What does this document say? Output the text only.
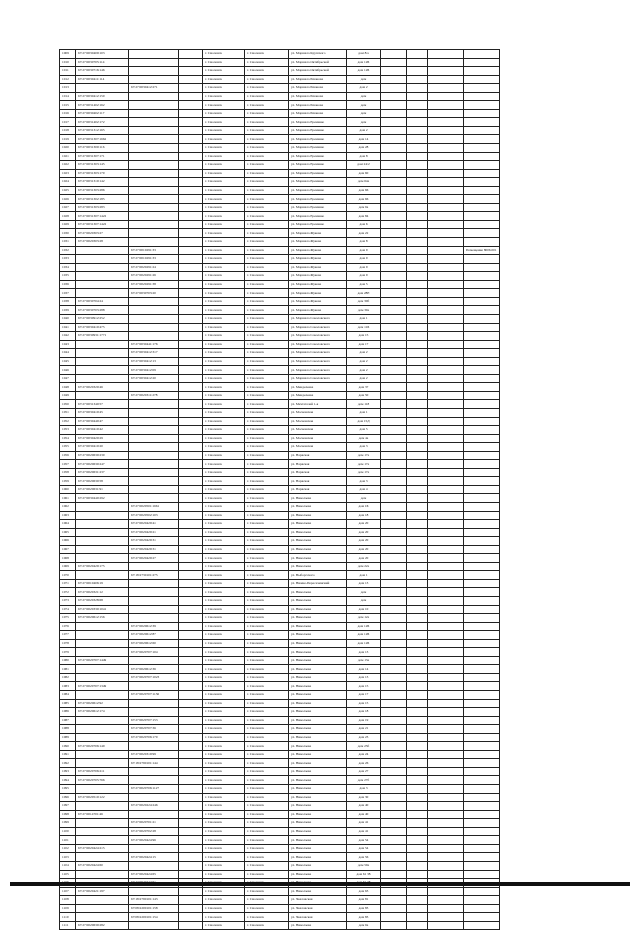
1009	67:27:0030409:103			г. Смоленск	г. Смоленск	ул. Маршала Крупского	дом 8/а				
1010	67:27:0030705:114			г. Смоленск	г. Смоленск	ул. Маршала Октябрьской	дом 12Б				
1011	67:27:0030716:146			г. Смоленск	г. Смоленск	ул. Маршала Октябрьской	дом 12Б				
1012	67:27:0030411:114			г. Смоленск	г. Смоленск	ул. Маршала Рязанова	дом				
1013		67:27:0030412:271		г. Смоленск	г. Смоленск	ул. Маршала Рязанова	дом 2				
1014	67:27:0030412:150			г. Смоленск	г. Смоленск	ул. Маршала Рязанова	дом				
1015	67:27:0031402:162			г. Смоленск	г. Смоленск	ул. Маршала Рязанова	дом				
1016	67:27:0030402:117			г. Смоленск	г. Смоленск	ул. Маршала Рязанова	дом				
1017	67:27:0031402:172			г. Смоленск	г. Смоленск	ул. Маршала Еременко	дом				
1018	67:27:0031312:165			г. Смоленск	г. Смоленск	ул. Маршала Еременко	дом 2				
1019	67:27:0031307:1662			г. Смоленск	г. Смоленск	ул. Маршала Еременко	дом 14				
1020	67:27:0031300:116			г. Смоленск	г. Смоленск	ул. Маршала Еременко	дом 28				
1021	67:27:0031307:171			г. Смоленск	г. Смоленск	ул. Маршала Еременко	дом 8				
1022	67:27:0031303:145			г. Смоленск	г. Смоленск	ул. Маршала Еременко	дом 24/2				
1023	67:27:0031303:170			г. Смоленск	г. Смоленск	ул. Маршала Еременко	дом 60				
1024	67:27:0031310:142			г. Смоленск	г. Смоленск	ул. Маршала Еременко	дом 64а				
1025	67:27:0031303:286			г. Смоленск	г. Смоленск	ул. Маршала Еременко	дом 66				
1026	67:27:0031302:185			г. Смоленск	г. Смоленск	ул. Маршала Еременко	дом 66				
1027	67:27:0031303:283			г. Смоленск	г. Смоленск	ул. Маршала Еременко	дом 6а				
1028	67:27:0031307:1422			г. Смоленск	г. Смоленск	ул. Маршала Еременко	дом 84				
1029	67:27:0031307:1422			г. Смоленск	г. Смоленск	ул. Маршала Еременко	дом 6				
1030	67:27:0020303:27			г. Смоленск	г. Смоленск	ул. Маршала Жукова	дом 22				
1031	67:27:0020303:28			г. Смоленск	г. Смоленск	ул. Маршала Жукова	дом 8				
1032		67:27:0010291:33		г. Смоленск	г. Смоленск	ул. Маршала Жукова	дом 9				Помещение 8006.001
1033		67:27:0010291:33		г. Смоленск	г. Смоленск	ул. Маршала Жукова	дом 9				
1034		67:27:0020291:24		г. Смоленск	г. Смоленск	ул. Маршала Жукова	дом 9				
1035		67:27:0020291:26		г. Смоленск	г. Смоленск	ул. Маршала Жукова	дом 9				
1036		67:27:0020291:38		г. Смоленск	г. Смоленск	ул. Маршала Жукова	дом 5				
1037		67:27:0030703:20		г. Смоленск	г. Смоленск	ул. Маршала Жукова	дом 28Е				
1038	67:27:0030704:24			г. Смоленск	г. Смоленск	ул. Маршала Жукова	дом 30б				
1039	67:27:0030703:288			г. Смоленск	г. Смоленск	ул. Маршала Жукова	дом 30а				
1040	67:27:0030912:252			г. Смоленск	г. Смоленск	ул. Маршала Соколовского	дом 1				
1041	67:27:0030410:475			г. Смоленск	г. Смоленск	ул. Маршала Соколовского	дом 11Б				
1042	67:27:0030931:1771			г. Смоленск	г. Смоленск	ул. Маршала Соколовского	дом 15				
1043		67:27:0030441:176		г. Смоленск	г. Смоленск	ул. Маршала Соколовского	дом 17				
1044		67:27:0030412:317		г. Смоленск	г. Смоленск	ул. Маршала Соколовского	дом 2				
1045		67:27:0030412:13		г. Смоленск	г. Смоленск	ул. Маршала Соколовского	дом 2				
1046		67:27:0030412:09		г. Смоленск	г. Смоленск	ул. Маршала Соколовского	дом 2				
1047		67:27:0030412:20		г. Смоленск	г. Смоленск	ул. Маршала Соколовского	дом 2				
1048	67:27:0020320:46			г. Смоленск	г. Смоленск	ул. Менделеева	дом 37				
1049		67:27:0020311:278		г. Смоленск	г. Смоленск	ул. Менделеева	дом 50				
1050	67:27:0031340:57			г. Смоленск	г. Смоленск	ул. Мечтателей 1-я	дом 118				
1051	67:27:0030410:45			г. Смоленск	г. Смоленск	ул. Московская	дом 1				
1052	67:27:0030440:47			г. Смоленск	г. Смоленск	ул. Московская	дом 15Д				
1053	67:27:0030410:42			г. Смоленск	г. Смоленск	ул. Московская	дом 5				
1054	67:27:0030420:29			г. Смоленск	г. Смоленск	ул. Московская	дом 4а				
1055	67:27:0030410:20			г. Смоленск	г. Смоленск	ул. Московская	дом 3				
1056	67:27:0020630:230			г. Смоленск	г. Смоленск	ул. Нарвская	дом 17а				
1057	67:27:0020630:247			г. Смоленск	г. Смоленск	ул. Нарвская	дом 17а				
1058	67:27:0020631:237			г. Смоленск	г. Смоленск	ул. Нарвская	дом 17а				
1059	67:27:0020630:58			г. Смоленск	г. Смоленск	ул. Нарвская	дом 3				
1060	67:27:0020631:91			г. Смоленск	г. Смоленск	ул. Нарвская	дом 4				
1061	67:27:0030440:292			г. Смоленск	г. Смоленск	ул. Николаева	дом				
1062		67:27:0020501:1661		г. Смоленск	г. Смоленск	ул. Николаева	дом 1Б				
1063		67:27:0020502:103		г. Смоленск	г. Смоленск	ул. Николаева	дом 18				
1064		67:27:0020429:41		г. Смоленск	г. Смоленск	ул. Николаева	дом 20				
1065		67:27:0020429:21		г. Смоленск	г. Смоленск	ул. Николаева	дом 20				
1066		67:27:0020429:31		г. Смоленск	г. Смоленск	ул. Николаева	дом 20				
1067		67:27:0020429:31		г. Смоленск	г. Смоленск	ул. Николаева	дом 20				
1068		67:27:0020429:27		г. Смоленск	г. Смоленск	ул. Николаева	дом 20				
1069	67:27:0020429:175			г. Смоленск	г. Смоленск	ул. Николаева	дом 22а				
1070		67:18:2730101:275		г. Смоленск	г. Смоленск	ул. Выборгского	дом 1				
1071	67:27:0010406:19			г. Смоленск	г. Смоленск	ул. Нижне-Пересечинский	дом 13				
1072	67:27:0020321:12			г. Смоленск	г. Смоленск	ул. Николаева	дом				
1073	67:27:0020328:68			г. Смоленск	г. Смоленск	ул. Николаева	дом				
1074	67:27:0020330:1041			г. Смоленск	г. Смоленск	ул. Николаева	дом 10				
1075	67:27:0020612:156			г. Смоленск	г. Смоленск	ул. Николаева	дом 12а				
1076		67:27:0020612:39		г. Смоленск	г. Смоленск	ул. Николаева	дом 12Б				
1077		67:27:0020612:87		г. Смоленск	г. Смоленск	ул. Николаева	дом 12Б				
1078		67:27:0020612:60		г. Смоленск	г. Смоленск	ул. Николаева	дом 12Б				
1079		67:27:0020707:104		г. Смоленск	г. Смоленск	ул. Николаева	дом 13				
1080	67:27:0020707:1449			г. Смоленск	г. Смоленск	ул. Николаева	дом 13а				
1081		67:27:0020612:36		г. Смоленск	г. Смоленск	ул. Николаева	дом 14				
1082		67:27:0020707:1023		г. Смоленск	г. Смоленск	ул. Николаева	дом 13				
1083	67:27:0020707:1349			г. Смоленск	г. Смоленск	ул. Николаева	дом 15				
1084		67:27:0020707:1136		г. Смоленск	г. Смоленск	ул. Николаева	дом 17				
1085	67:27:0020612:92			г. Смоленск	г. Смоленск	ул. Николаева	дом 15				
1086	67:27:0020612:174			г. Смоленск	г. Смоленск	ул. Николаева	дом 18				
1087		67:27:0020707:153		г. Смоленск	г. Смоленск	ул. Николаева	дом 19				
1088		67:27:0020707:36		г. Смоленск	г. Смоленск	ул. Николаева	дом 21				
1089		67:27:0020706:170		г. Смоленск	г. Смоленск	ул. Николаева	дом 23				
1090	67:27:0020706:149			г. Смоленск	г. Смоленск	ул. Николаева	дом 23б				
1091		67:27:0020319:99		г. Смоленск	г. Смоленск	ул. Николаева	дом 24				
1092		67:18:2790101:144		г. Смоленск	г. Смоленск	ул. Николаева	дом 26				
1093	67:27:0020706:211			г. Смоленск	г. Смоленск	ул. Николаева	дом 27				
1094	67:27:0020705:766			г. Смоленск	г. Смоленск	ул. Николаева	дом 27б				
1095		67:27:0020706:1127		г. Смоленск	г. Смоленск	ул. Николаева	дом 3				
1096	67:27:0020510:122			г. Смоленск	г. Смоленск	ул. Николаева	дом 30				
1097		67:27:0020224:246		г. Смоленск	г. Смоленск	ул. Николаева	дом 40				
1098	67:27:0014701:46			г. Смоленск	г. Смоленск	ул. Николаева	дом 40				
1099		67:27:0020701:21		г. Смоленск	г. Смоленск	ул. Николаева	дом 41				
1100		67:27:0020702:28		г. Смоленск	г. Смоленск	ул. Николаева	дом 41				
1101		67:27:0020424:96		г. Смоленск	г. Смоленск	ул. Николаева	дом 54				
1102	67:27:0020424:215			г. Смоленск	г. Смоленск	ул. Николаева	дом 54				
1103		67:27:0020424:15		г. Смоленск	г. Смоленск	ул. Николаева	дом 56				
1104	67:27:0020424:60			г. Смоленск	г. Смоленск	ул. Николаева	дом 59а				
1105		67:27:0020424:65		г. Смоленск	г. Смоленск	ул. Николаева	дом 61 38				

1107	67:27:0020421:197			г. Смоленск	г. Смоленск	ул. Николаева	дом 63				
1108		67:18:2790101:143		г. Смоленск	г. Смоленск	ул. Чкаловская	дом 81				
1109		67:08:2200101:158		г. Смоленск	г. Смоленск	ул. Чкаловская	дом 83				
1110		67:08:2200101:154		г. Смоленск	г. Смоленск	ул. Чкаловская	дом 83				
1111	67:27:0020630:282			г. Смоленск	г. Смоленск	ул. Николаева	дом 6а				
